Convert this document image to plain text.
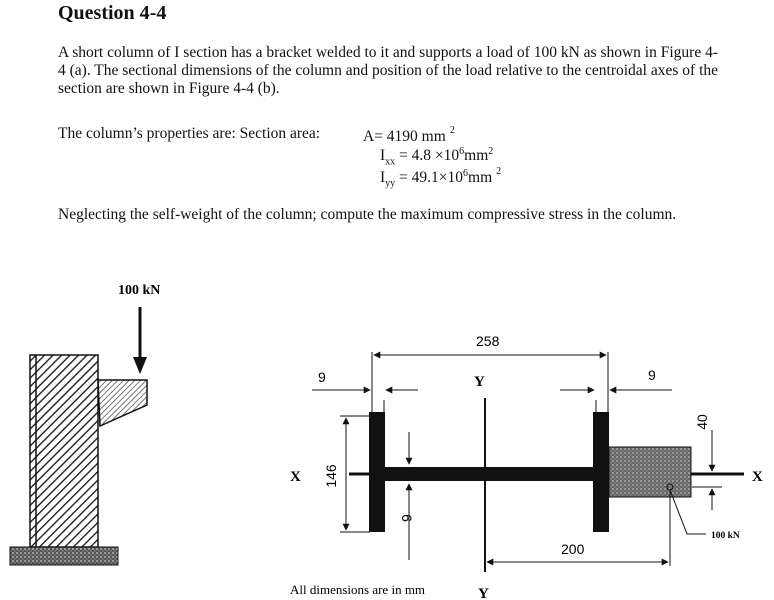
Question 4-4
A short column of I section has a bracket welded to it and supports a load of 100 kN as shown in Figure 4-4 (a). The sectional dimensions of the column and position of the load relative to the centroidal axes of the section are shown in Figure 4-4 (b).
The column’s properties are: Section area:	A= 4190 mm $^2$
$I_{xx} = 4.8 \times 10^6mm^2$
$I_{yy} = 49.1\times 10^6mm$ $^2$
Neglecting the self-weight of the column; compute the maximum compressive stress in the column.
100 kN
258
9	9
Y
Y
X	X
146
6
40
100 kN
200
All dimensions are in mm
